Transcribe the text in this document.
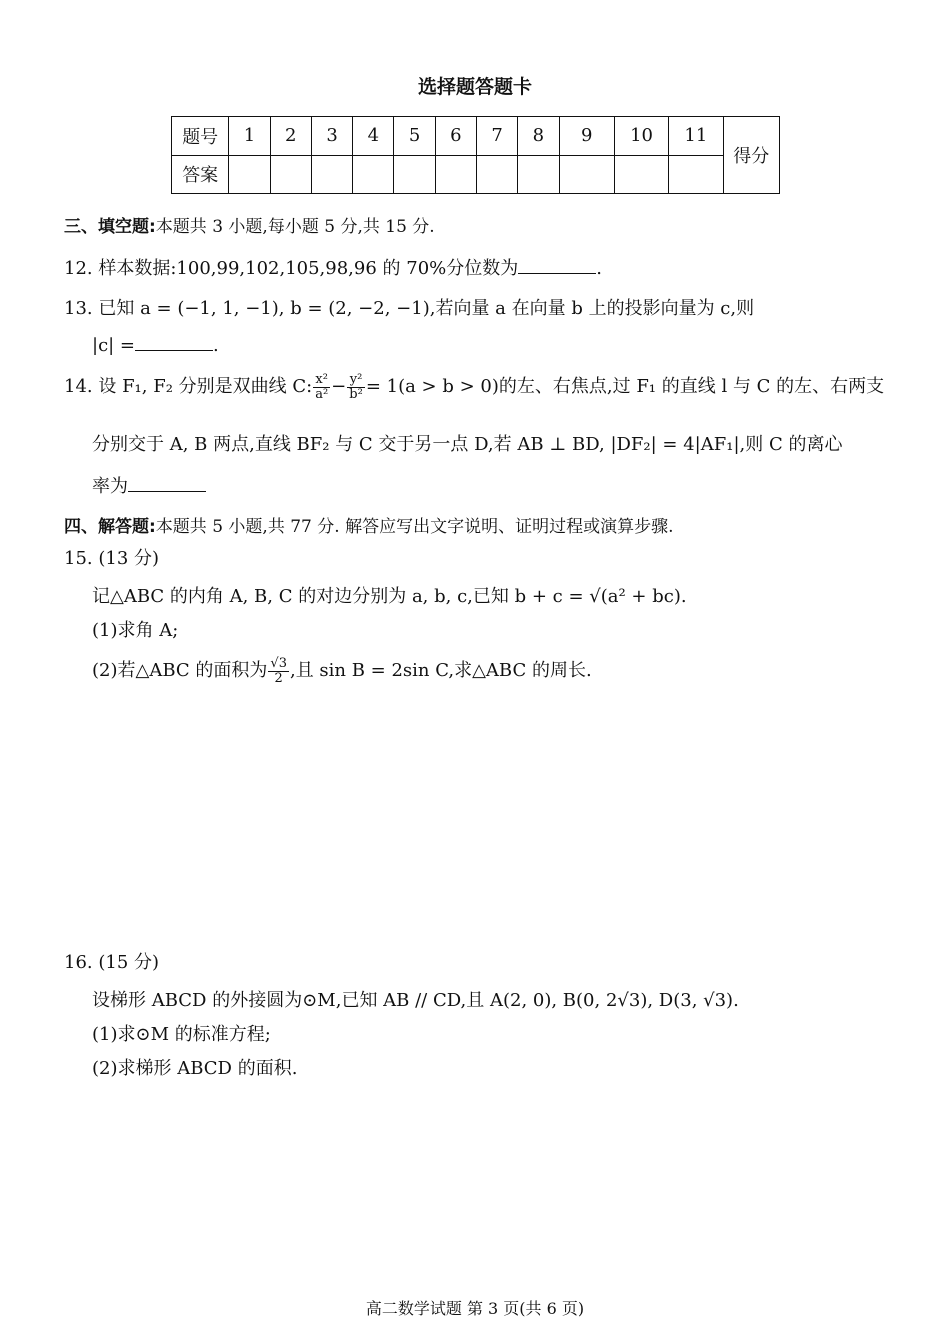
选择题答题卡
题号	1	2	3	4	5	6	7	8	9	10	11	得分
答案												
三、填空题:本题共 3 小题,每小题 5 分,共 15 分.
12. 样本数据:100,99,102,105,98,96 的 70%分位数为	.
13. 已知 a = (−1, 1, −1), b = (2, −2, −1),若向量 a 在向量 b 上的投影向量为 c,则
|c| =	.
14. 设 F₁, F₂ 分别是双曲线 C: $\frac{\text{x²}}{\text{a²}} - \frac{\text{y²}}{\text{b²}} = 1(a > b > 0)$的左、右焦点,过 F₁ 的直线 l 与 C 的左、右两支
分别交于 A, B 两点,直线 BF₂ 与 C 交于另一点 D,若 AB ⊥ BD, |DF₂| = 4|AF₁|,则 C 的离心
率为
四、解答题:本题共 5 小题,共 77 分. 解答应写出文字说明、证明过程或演算步骤.
15. (13 分)
记△ABC 的内角 A, B, C 的对边分别为 a, b, c,已知 b + c = √(a² + bc).
(1)求角 A;
(2)若△ABC 的面积为 $\frac{√3}{2}$ ,且 sin B = 2sin C,求△ABC 的周长.
16. (15 分)
设梯形 ABCD 的外接圆为⊙M,已知 AB // CD,且 A(2, 0), B(0, 2√3), D(3, √3).
(1)求⊙M 的标准方程;
(2)求梯形 ABCD 的面积.
高二数学试题 第 3 页(共 6 页)
